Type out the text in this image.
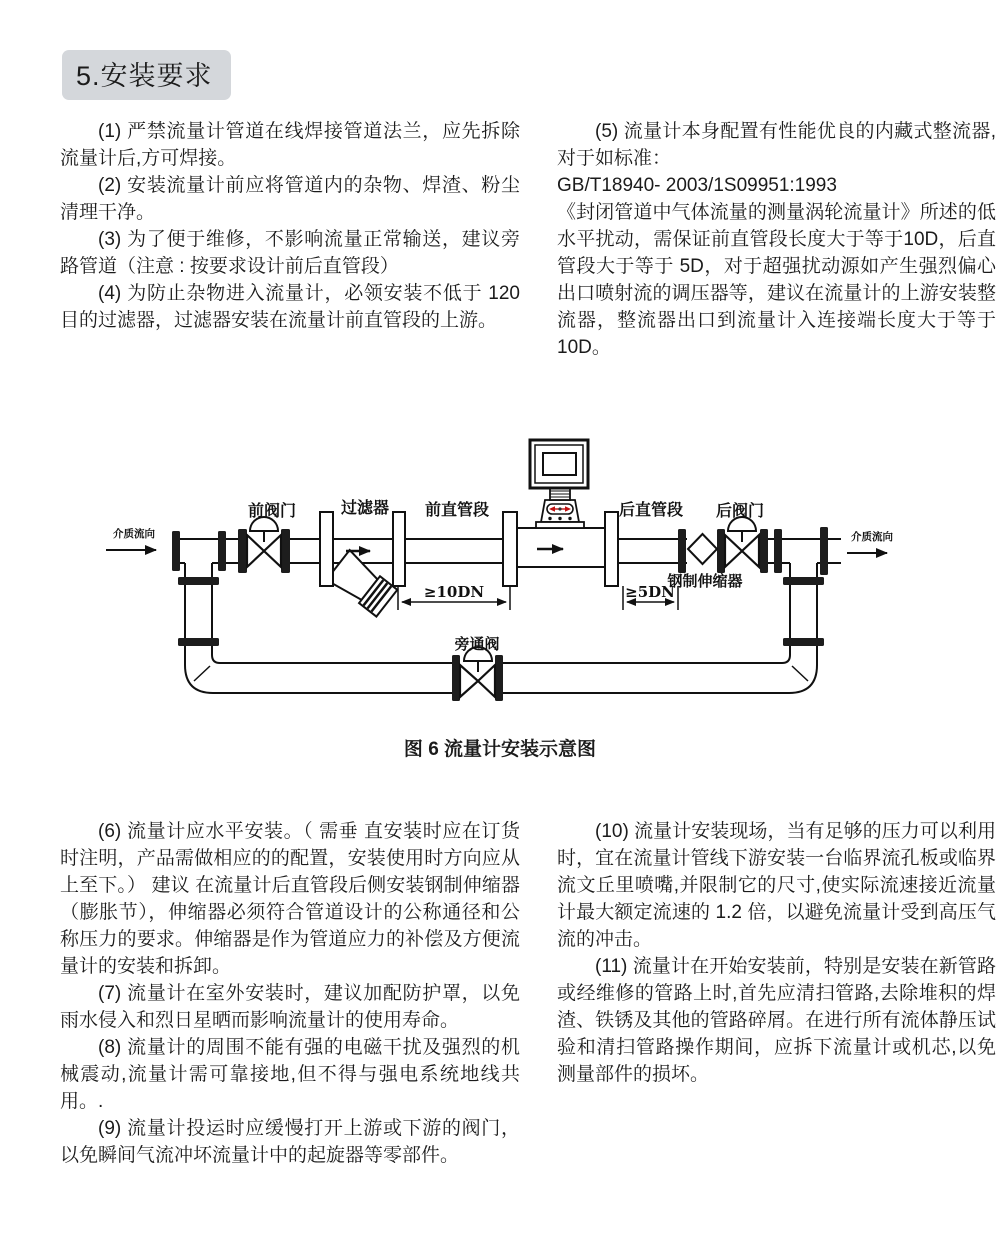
5.安装要求

(1) 严禁流量计管道在线焊接管道法兰，应先拆除流量计后,方可焊接。

(2) 安装流量计前应将管道内的杂物、焊渣、粉尘清理干净。

(3) 为了便于维修，不影响流量正常输送，建议旁路管道（注意 : 按要求设计前后直管段）

(4) 为防止杂物进入流量计，必领安装不低于 120 目的过滤器，过滤器安装在流量计前直管段的上游。

(5) 流量计本身配置有性能优良的内藏式整流器,对于如标准：

GB/T18940- 2003/1S09951:1993

《封闭管道中气体流量的测量涡轮流量计》所述的低水平扰动，需保证前直管段长度大于等于10D，后直管段大于等于 5D，对于超强扰动源如产生强烈偏心出口喷射流的调压器等，建议在流量计的上游安装整流器，整流器出口到流量计入连接端长度大于等于 10D。

≥10DN	≥5DN
介质流向	介质流向
前阀门	过滤器 前直管段	后直管段 后阀门
钢制伸缩器
旁通阀
图 6 流量计安装示意图

(6) 流量计应水平安装。（ 需垂 直安装时应在订货时注明，产品需做相应的的配置，安装使用时方向应从上至下。） 建议 在流量计后直管段后侧安装钢制伸缩器（膨胀节），伸缩器必须符合管道设计的公称通径和公称压力的要求。伸缩器是作为管道应力的补偿及方便流量计的安装和拆卸。

(7) 流量计在室外安装时，建议加配防护罩，以免雨水侵入和烈日星晒而影响流量计的使用寿命。

(8) 流量计的周围不能有强的电磁干扰及强烈的机械震动,流量计需可靠接地,但不得与强电系统地线共用。.

(9) 流量计投运时应缓慢打开上游或下游的阀门，以免瞬间气流冲坏流量计中的起旋器等零部件。

(10) 流量计安装现场，当有足够的压力可以利用时，宜在流量计管线下游安装一台临界流孔板或临界流文丘里喷嘴,并限制它的尺寸,使实际流速接近流量计最大额定流速的 1.2 倍，以避免流量计受到高压气流的冲击。

(11) 流量计在开始安装前，特别是安装在新管路或经维修的管路上时,首先应清扫管路,去除堆积的焊渣、铁锈及其他的管路碎屑。在进行所有流体静压试验和清扫管路操作期间，应拆下流量计或机芯,以免测量部件的损坏。
